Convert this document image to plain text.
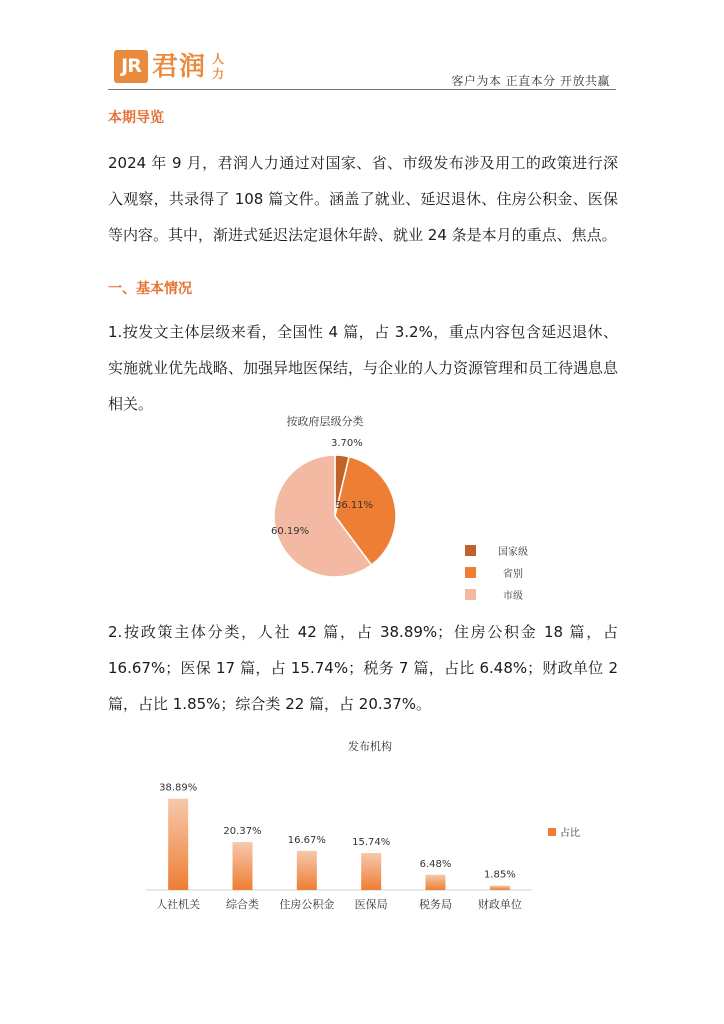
JR 君润 人力	客户为本 正直本分 开放共赢
本期导览
2024 年 9 月，君润人力通过对国家、省、市级发布涉及用工的政策进行深入观察，共录得了 108 篇文件。涵盖了就业、延迟退休、住房公积金、医保等内容。其中，渐进式延迟法定退休年龄、就业 24 条是本月的重点、焦点。
一、基本情况
1.按发文主体层级来看，全国性 4 篇，占 3.2%，重点内容包含延迟退休、实施就业优先战略、加强异地医保结，与企业的人力资源管理和员工待遇息息相关。
按政府层级分类
3.70%
36.11%
60.19%
国家级
省别
市级
2.按政策主体分类，人社 42 篇，占 38.89%；住房公积金 18 篇，占 16.67%；医保 17 篇，占 15.74%；税务 7 篇，占比 6.48%；财政单位 2 篇，占比 1.85%；综合类 22 篇，占 20.37%。
发布机构
38.89%
人社机关
20.37%
综合类
16.67%
住房公积金
15.74%
医保局
6.48%
税务局
1.85%
财政单位
占比
